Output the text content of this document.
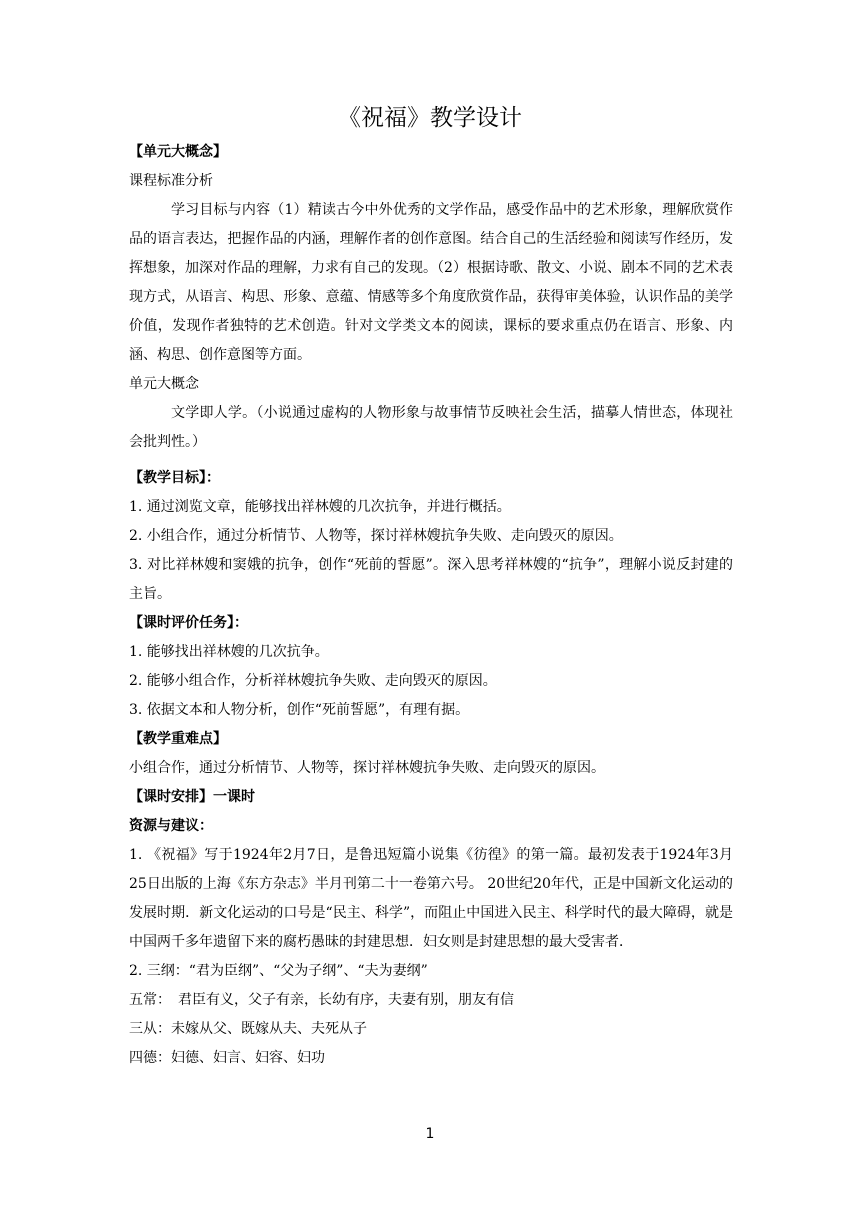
《祝福》教学设计

【单元大概念】

课程标准分析

学习目标与内容（1）精读古今中外优秀的文学作品，感受作品中的艺术形象，理解欣赏作品的语言表达，把握作品的内涵，理解作者的创作意图。结合自己的生活经验和阅读写作经历，发挥想象，加深对作品的理解，力求有自己的发现。（2）根据诗歌、散文、小说、剧本不同的艺术表现方式，从语言、构思、形象、意蕴、情感等多个角度欣赏作品，获得审美体验，认识作品的美学价值，发现作者独特的艺术创造。针对文学类文本的阅读，课标的要求重点仍在语言、形象、内涵、构思、创作意图等方面。

单元大概念

文学即人学。（小说通过虚构的人物形象与故事情节反映社会生活，描摹人情世态，体现社会批判性。）

【教学目标】：

1. 通过浏览文章，能够找出祥林嫂的几次抗争，并进行概括。

2. 小组合作，通过分析情节、人物等，探讨祥林嫂抗争失败、走向毁灭的原因。

3. 对比祥林嫂和窦娥的抗争，创作“死前的誓愿”。深入思考祥林嫂的“抗争”，理解小说反封建的主旨。

【课时评价任务】：

1. 能够找出祥林嫂的几次抗争。

2. 能够小组合作，分析祥林嫂抗争失败、走向毁灭的原因。

3. 依据文本和人物分析，创作“死前誓愿”，有理有据。

【教学重难点】

小组合作，通过分析情节、人物等，探讨祥林嫂抗争失败、走向毁灭的原因。

【课时安排】一课时

资源与建议：

1. 《祝福》写于1924年2月7日，是鲁迅短篇小说集《彷徨》的第一篇。最初发表于1924年3月25日出版的上海《东方杂志》半月刊第二十一卷第六号。 20世纪20年代，正是中国新文化运动的发展时期．新文化运动的口号是“民主、科学”，而阻止中国进入民主、科学时代的最大障碍，就是中国两千多年遗留下来的腐朽愚昧的封建思想．妇女则是封建思想的最大受害者．

2. 三纲：“君为臣纲”、“父为子纲”、“夫为妻纲”

五常：　君臣有义，父子有亲，长幼有序，夫妻有别，朋友有信

三从：未嫁从父、既嫁从夫、夫死从子

四德：妇德、妇言、妇容、妇功

1
